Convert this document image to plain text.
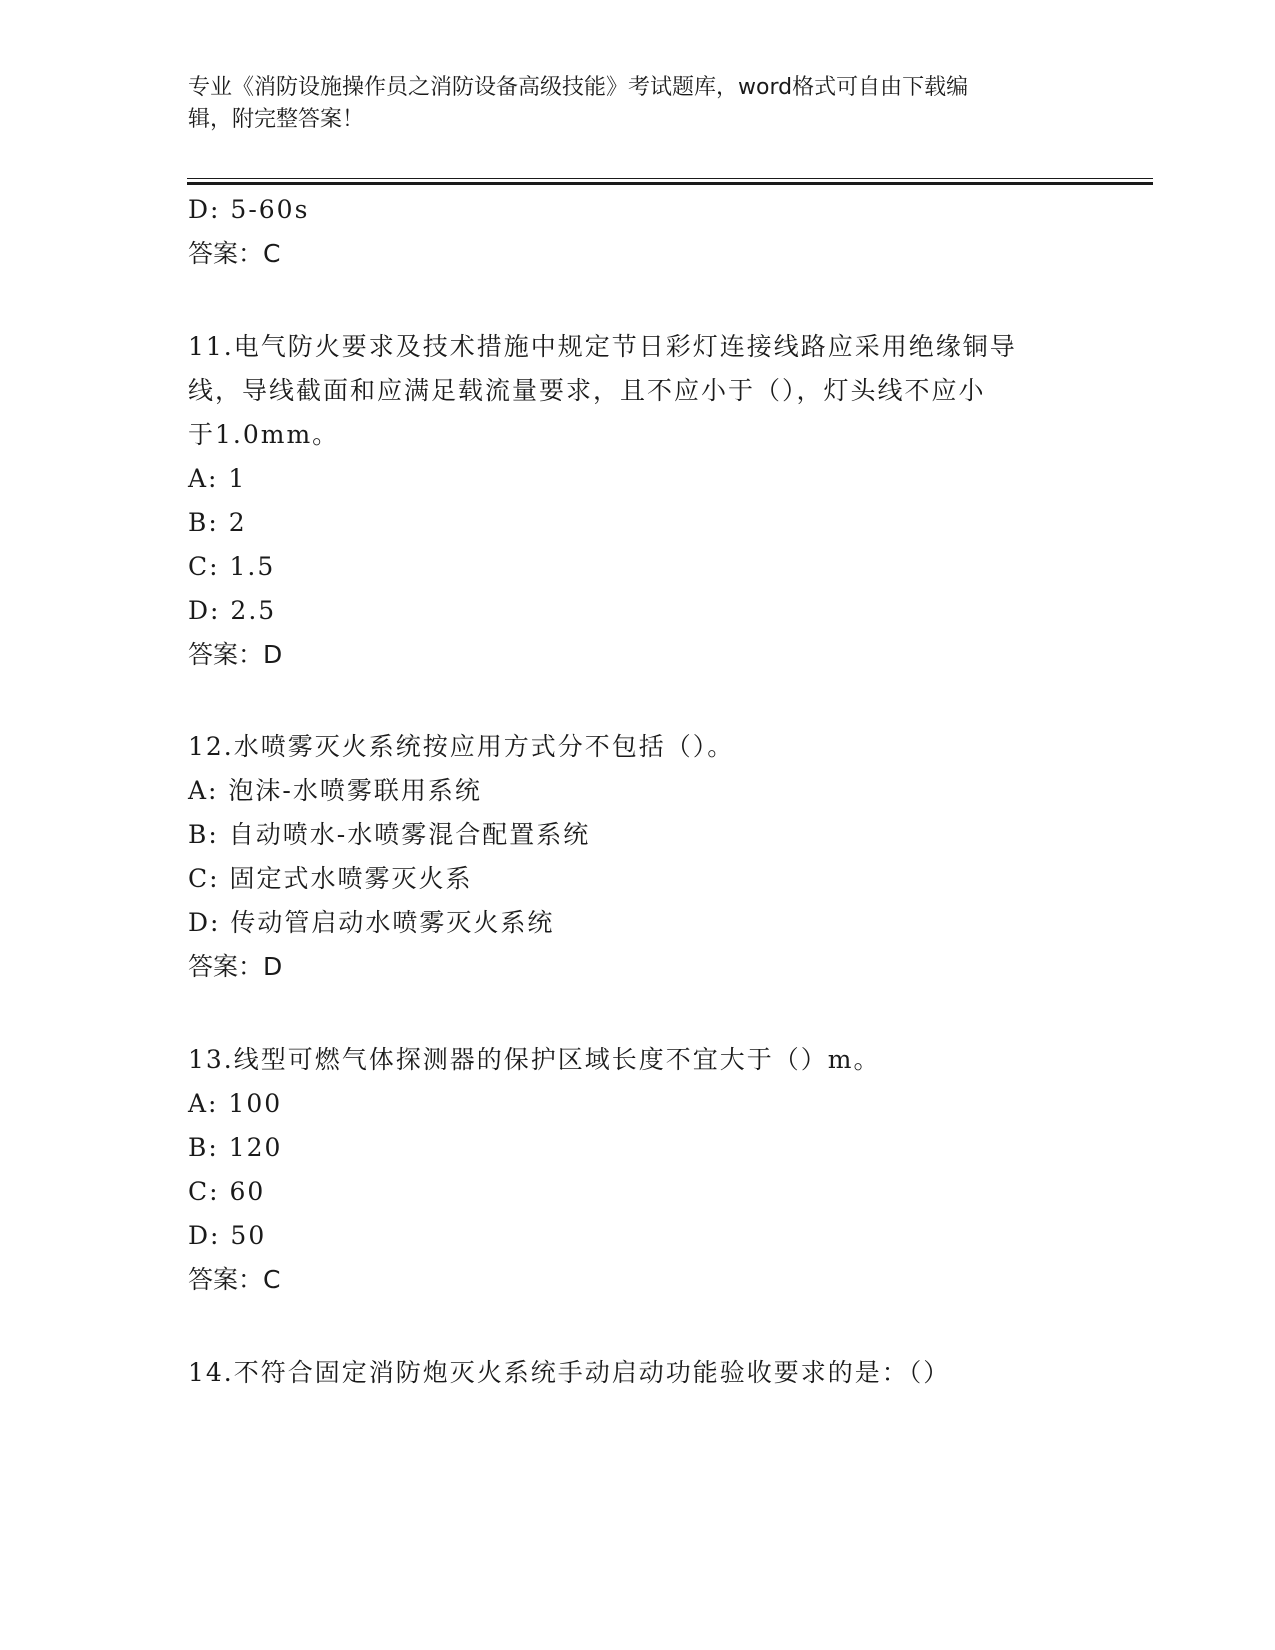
专业《消防设施操作员之消防设备高级技能》考试题库，word格式可自由下载编
辑，附完整答案！
D: 5-60s
答案：C
11.电气防火要求及技术措施中规定节日彩灯连接线路应采用绝缘铜导
线，导线截面和应满足载流量要求，且不应小于（），灯头线不应小
于1.0mm。
A: 1
B: 2
C: 1.5
D: 2.5
答案：D
12.水喷雾灭火系统按应用方式分不包括（）。
A: 泡沫-水喷雾联用系统
B: 自动喷水-水喷雾混合配置系统
C: 固定式水喷雾灭火系
D: 传动管启动水喷雾灭火系统
答案：D
13.线型可燃气体探测器的保护区域长度不宜大于（）m。
A: 100
B: 120
C: 60
D: 50
答案：C
14.不符合固定消防炮灭火系统手动启动功能验收要求的是：（）
